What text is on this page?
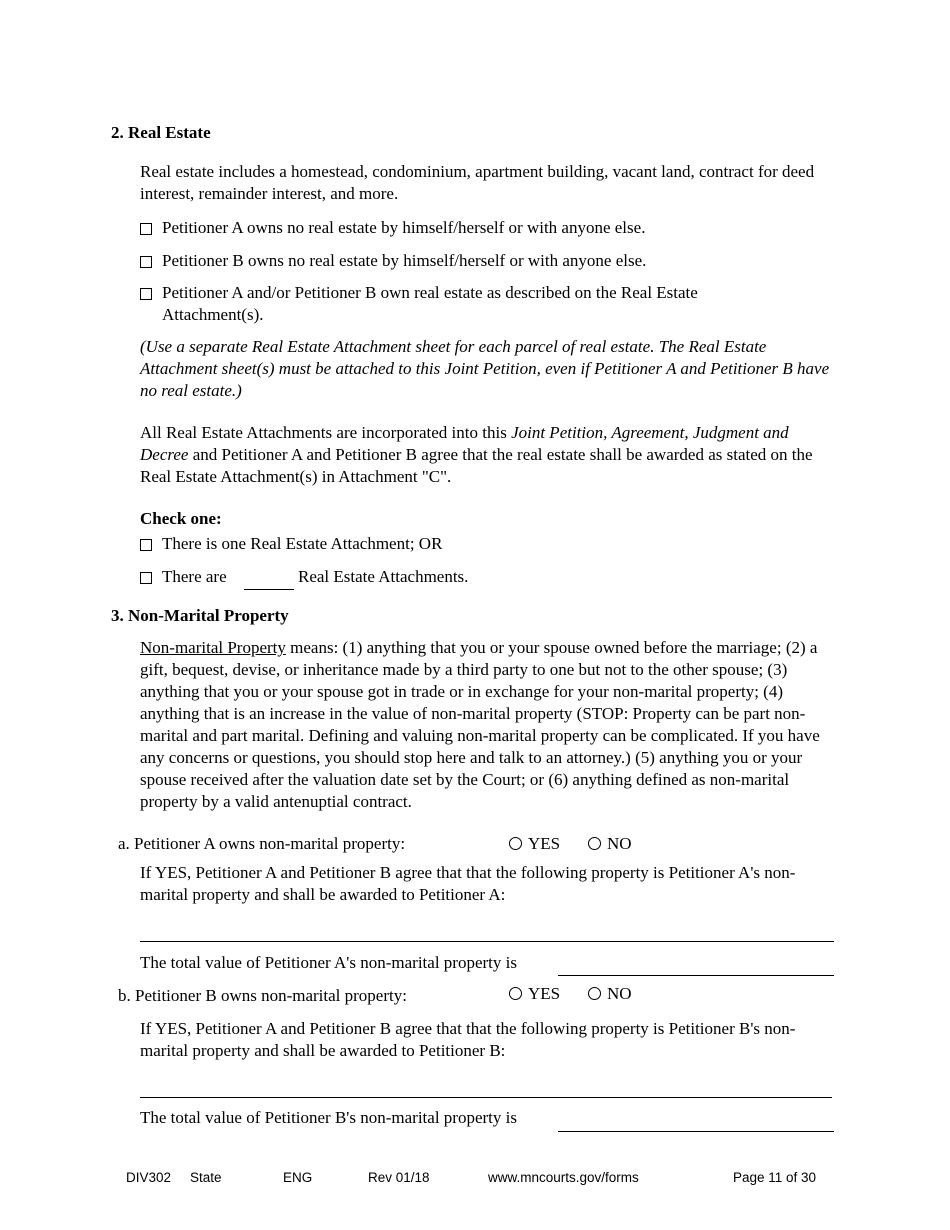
2. Real Estate
Real estate includes a homestead, condominium, apartment building, vacant land, contract for deed interest, remainder interest, and more.
Petitioner A owns no real estate by himself/herself or with anyone else.
Petitioner B owns no real estate by himself/herself or with anyone else.
Petitioner A and/or Petitioner B own real estate as described on the Real Estate Attachment(s).
(Use a separate Real Estate Attachment sheet for each parcel of real estate. The Real Estate Attachment sheet(s) must be attached to this Joint Petition, even if Petitioner A and Petitioner B have no real estate.)
All Real Estate Attachments are incorporated into this Joint Petition, Agreement, Judgment and Decree and Petitioner A and Petitioner B agree that the real estate shall be awarded as stated on the Real Estate Attachment(s) in Attachment "C".
Check one:
There is one Real Estate Attachment; OR
There are	Real Estate Attachments.
3. Non-Marital Property
Non-marital Property means: (1) anything that you or your spouse owned before the marriage; (2) a gift, bequest, devise, or inheritance made by a third party to one but not to the other spouse; (3) anything that you or your spouse got in trade or in exchange for your non-marital property; (4) anything that is an increase in the value of non-marital property (STOP: Property can be part non-marital and part marital. Defining and valuing non-marital property can be complicated. If you have any concerns or questions, you should stop here and talk to an attorney.) (5) anything you or your spouse received after the valuation date set by the Court; or (6) anything defined as non-marital property by a valid antenuptial contract.
a. Petitioner A owns non-marital property:	YES	NO
If YES, Petitioner A and Petitioner B agree that that the following property is Petitioner A's non-marital property and shall be awarded to Petitioner A:
The total value of Petitioner A's non-marital property is
b. Petitioner B owns non-marital property:	YES	NO
If YES, Petitioner A and Petitioner B agree that that the following property is Petitioner B's non-marital property and shall be awarded to Petitioner B:
The total value of Petitioner B's non-marital property is
DIV302 State	ENG	Rev 01/18	www.mncourts.gov/forms	Page 11 of 30
